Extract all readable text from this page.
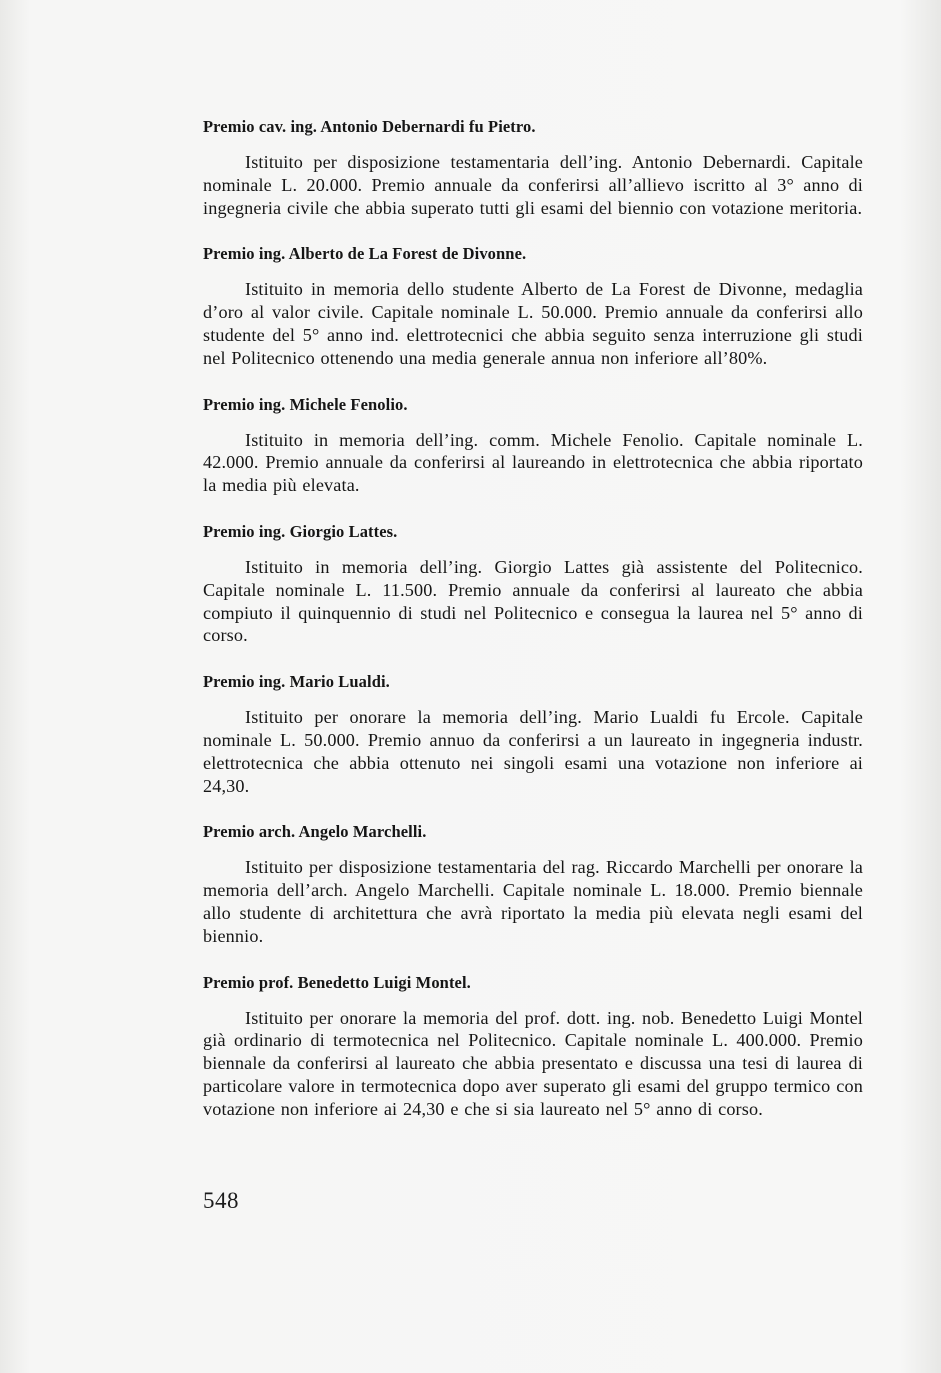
Premio cav. ing. Antonio Debernardi fu Pietro.

Istituito per disposizione testamentaria dell’ing. Antonio Debernardi. Capitale nominale L. 20.000. Premio annuale da conferirsi all’allievo iscritto al 3° anno di ingegneria civile che abbia superato tutti gli esami del biennio con votazione meritoria.

Premio ing. Alberto de La Forest de Divonne.

Istituito in memoria dello studente Alberto de La Forest de Divonne, medaglia d’oro al valor civile. Capitale nominale L. 50.000. Premio annuale da conferirsi allo studente del 5° anno ind. elettrotecnici che abbia seguito senza interruzione gli studi nel Politecnico ottenendo una media generale annua non inferiore all’80%.

Premio ing. Michele Fenolio.

Istituito in memoria dell’ing. comm. Michele Fenolio. Capitale nominale L. 42.000. Premio annuale da conferirsi al laureando in elettrotecnica che abbia riportato la media più elevata.

Premio ing. Giorgio Lattes.

Istituito in memoria dell’ing. Giorgio Lattes già assistente del Politecnico. Capitale nominale L. 11.500. Premio annuale da conferirsi al laureato che abbia compiuto il quinquennio di studi nel Politecnico e consegua la laurea nel 5° anno di corso.

Premio ing. Mario Lualdi.

Istituito per onorare la memoria dell’ing. Mario Lualdi fu Ercole. Capitale nominale L. 50.000. Premio annuo da conferirsi a un laureato in ingegneria industr. elettrotecnica che abbia ottenuto nei singoli esami una votazione non inferiore ai 24,30.

Premio arch. Angelo Marchelli.

Istituito per disposizione testamentaria del rag. Riccardo Marchelli per onorare la memoria dell’arch. Angelo Marchelli. Capitale nominale L. 18.000. Premio biennale allo studente di architettura che avrà riportato la media più elevata negli esami del biennio.

Premio prof. Benedetto Luigi Montel.

Istituito per onorare la memoria del prof. dott. ing. nob. Benedetto Luigi Montel già ordinario di termotecnica nel Politecnico. Capitale nominale L. 400.000. Premio biennale da conferirsi al laureato che abbia presentato e discussa una tesi di laurea di particolare valore in termotecnica dopo aver superato gli esami del gruppo termico con votazione non inferiore ai 24,30 e che si sia laureato nel 5° anno di corso.

548
